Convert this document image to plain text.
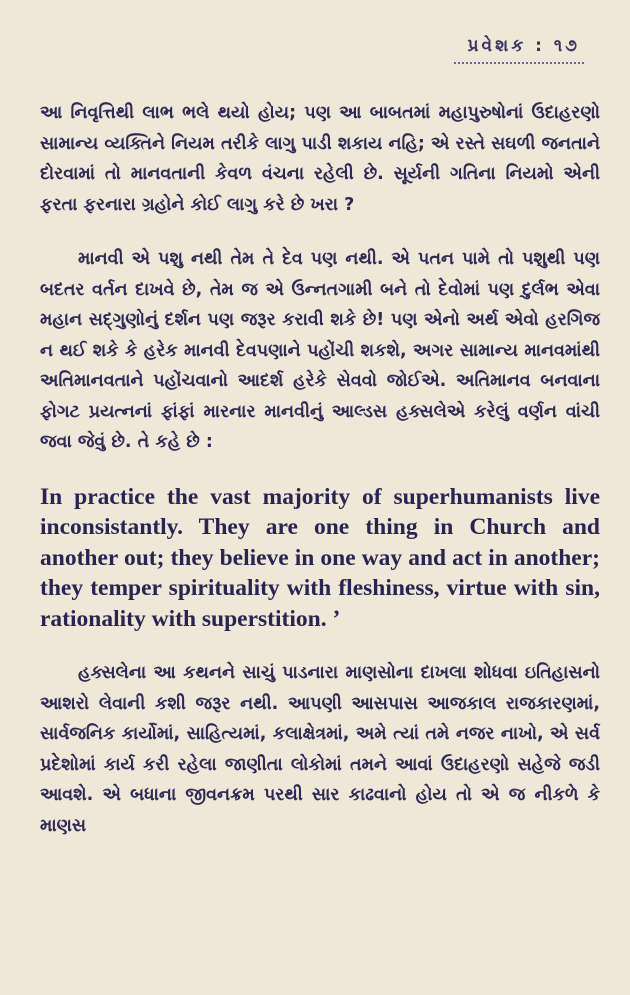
પ્રવેશક : ૧૭

આ નિવૃત્તિથી લાભ ભલે થયો હોય; પણ આ બાબતમાં મહાપુરુષોનાં ઉદાહરણો સામાન્ય વ્યક્તિને નિયમ તરીકે લાગુ પાડી શકાય નહિ; એ રસ્તે સઘળી જનતાને દોરવામાં તો માનવતાની કેવળ વંચના રહેલી છે. સૂર્યની ગતિના નિયમો એની ફરતા ફરનારા ગ્રહોને કોઈ લાગુ કરે છે ખરા ?

માનવી એ પશુ નથી તેમ તે દેવ પણ નથી. એ પતન પામે તો પશુથી પણ બદતર વર્તન દાખવે છે, તેમ જ એ ઉન્નતગામી બને તો દેવોમાં પણ દુર્લભ એવા મહાન સદ્ગુણોનું દર્શન પણ જરૂર કરાવી શકે છે! પણ એનો અર્થ એવો હરગિજ ન થઈ શકે કે હરેક માનવી દેવપણાને પહોંચી શકશે, અગર સામાન્ય માનવમાંથી અતિમાનવતાને પહોંચવાનો આદર્શ હરેકે સેવવો જોઈએ. અતિમાનવ બનવાના ફોગટ પ્રયત્નનાં ફાંફાં મારનાર માનવીનું આલ્ડસ હક્સલેએ કરેલું વર્ણન વાંચી જવા જેવું છે. તે કહે છે :

In practice the vast majority of superhumanists live inconsistantly. They are one thing in Church and another out; they believe in one way and act in another; they temper spirituality with fleshiness, virtue with sin, rationality with superstition. ’

હક્સલેના આ કથનને સાચું પાડનારા માણસોના દાખલા શોધવા ઇતિહાસનો આશરો લેવાની કશી જરૂર નથી. આપણી આસપાસ આજકાલ રાજકારણમાં, સાર્વજનિક કાર્યોમાં, સાહિત્યમાં, કલાક્ષેત્રમાં, અમે ત્યાં તમે નજર નાખો, એ સર્વ પ્રદેશોમાં કાર્ય કરી રહેલા જાણીતા લોકોમાં તમને આવાં ઉદાહરણો સહેજે જડી આવશે. એ બધાના જીવનક્રમ પરથી સાર કાઢવાનો હોય તો એ જ નીકળે કે માણસ
